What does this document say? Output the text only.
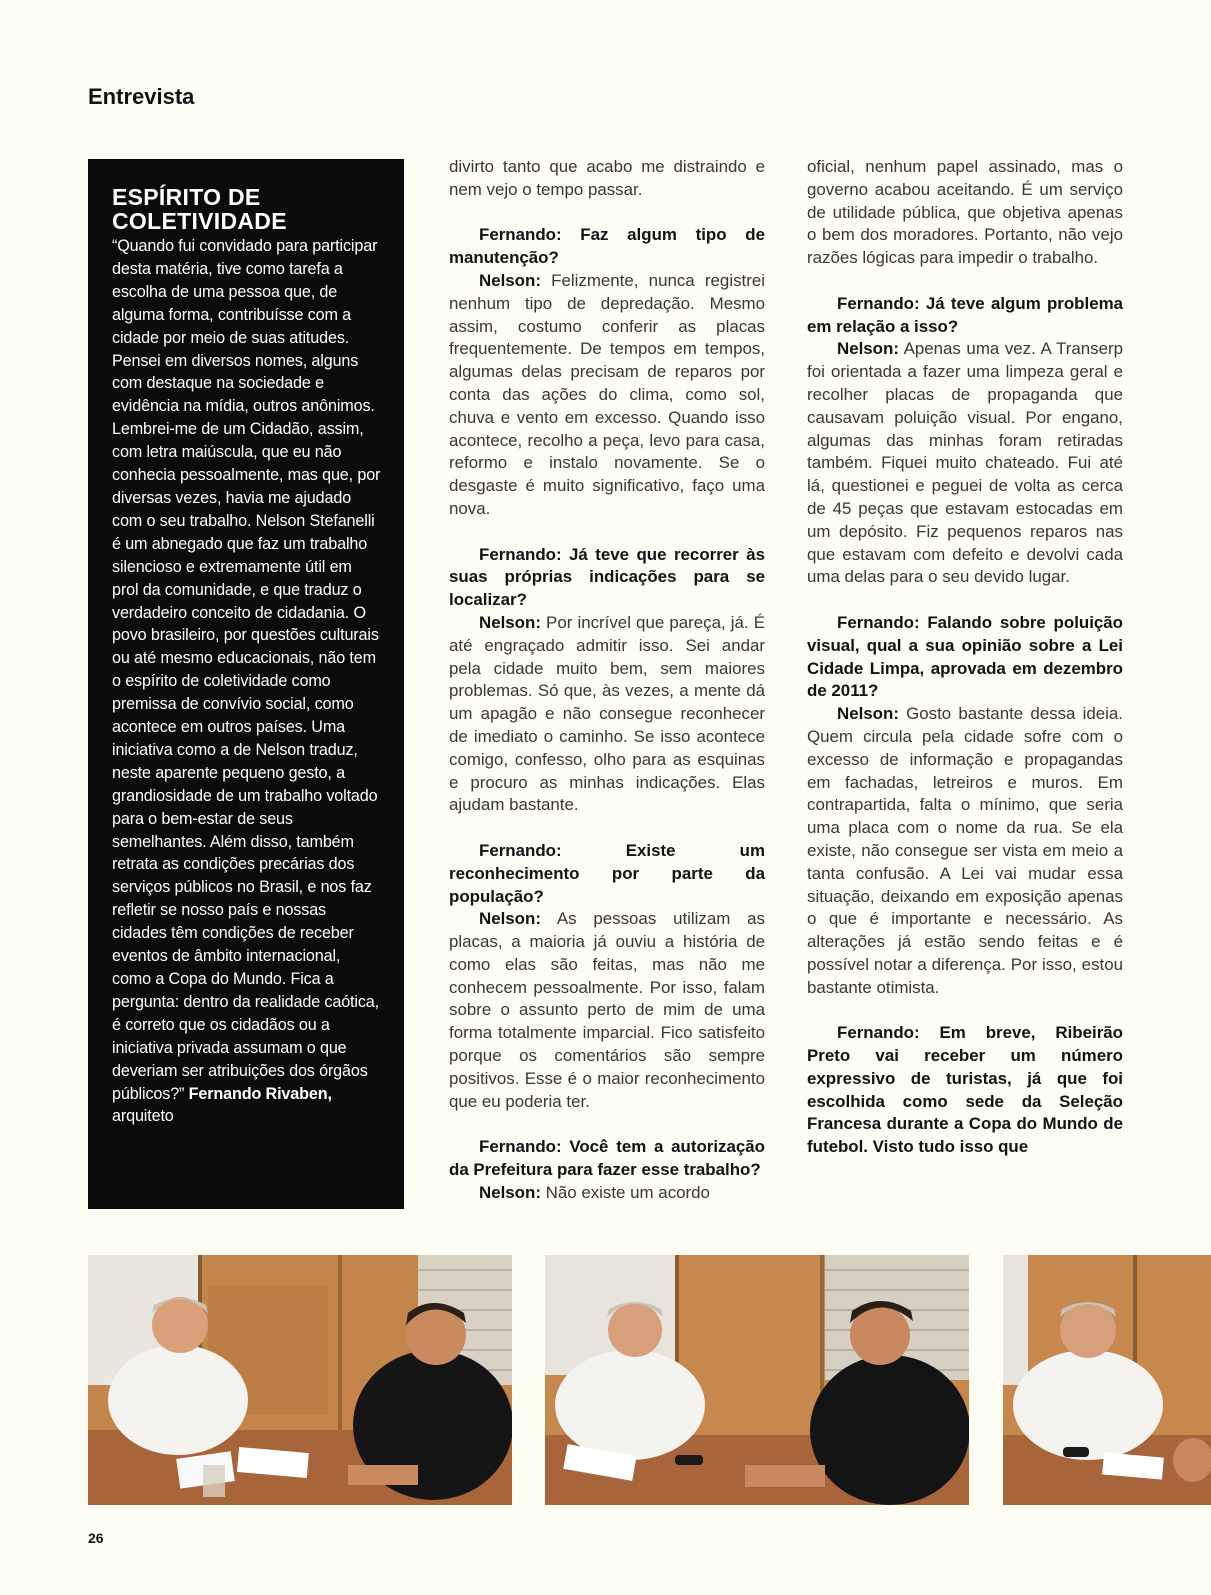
Entrevista
ESPÍRITO DE COLETIVIDADE

“Quando fui convidado para participar desta matéria, tive como tarefa a escolha de uma pessoa que, de alguma forma, contribuísse com a cidade por meio de suas atitudes. Pensei em diversos nomes, alguns com destaque na sociedade e evidência na mídia, outros anônimos. Lembrei-me de um Cidadão, assim, com letra maiúscula, que eu não conhecia pessoalmente, mas que, por diversas vezes, havia me ajudado com o seu trabalho. Nelson Stefanelli é um abnegado que faz um trabalho silencioso e extremamente útil em prol da comunidade, e que traduz o verdadeiro conceito de cidadania. O povo brasileiro, por questões culturais ou até mesmo educacionais, não tem o espírito de coletividade como premissa de convívio social, como acontece em outros países. Uma iniciativa como a de Nelson traduz, neste aparente pequeno gesto, a grandiosidade de um trabalho voltado para o bem-estar de seus semelhantes. Além disso, também retrata as condições precárias dos serviços públicos no Brasil, e nos faz refletir se nosso país e nossas cidades têm condições de receber eventos de âmbito internacional, como a Copa do Mundo. Fica a pergunta: dentro da realidade caótica, é correto que os cidadãos ou a iniciativa privada assumam o que deveriam ser atribuições dos órgãos públicos?” Fernando Rivaben, arquiteto

divirto tanto que acabo me distraindo e nem vejo o tempo passar.

Fernando: Faz algum tipo de manutenção?

Nelson: Felizmente, nunca registrei nenhum tipo de depredação. Mesmo assim, costumo conferir as placas frequentemente. De tempos em tempos, algumas delas precisam de reparos por conta das ações do clima, como sol, chuva e vento em excesso. Quando isso acontece, recolho a peça, levo para casa, reformo e instalo novamente. Se o desgaste é muito significativo, faço uma nova.

Fernando: Já teve que recorrer às suas próprias indicações para se localizar?

Nelson: Por incrível que pareça, já. É até engraçado admitir isso. Sei andar pela cidade muito bem, sem maiores problemas. Só que, às vezes, a mente dá um apagão e não consegue reconhecer de imediato o caminho. Se isso acontece comigo, confesso, olho para as esquinas e procuro as minhas indicações. Elas ajudam bastante.

Fernando: Existe um reconhecimento por parte da população?

Nelson: As pessoas utilizam as placas, a maioria já ouviu a história de como elas são feitas, mas não me conhecem pessoalmente. Por isso, falam sobre o assunto perto de mim de uma forma totalmente imparcial. Fico satisfeito porque os comentários são sempre positivos. Esse é o maior reconhecimento que eu poderia ter.

Fernando: Você tem a autorização da Prefeitura para fazer esse trabalho?

Nelson: Não existe um acordo

oficial, nenhum papel assinado, mas o governo acabou aceitando. É um serviço de utilidade pública, que objetiva apenas o bem dos moradores. Portanto, não vejo razões lógicas para impedir o trabalho.

Fernando: Já teve algum problema em relação a isso?

Nelson: Apenas uma vez. A Transerp foi orientada a fazer uma limpeza geral e recolher placas de propaganda que causavam poluição visual. Por engano, algumas das minhas foram retiradas também. Fiquei muito chateado. Fui até lá, questionei e peguei de volta as cerca de 45 peças que estavam estocadas em um depósito. Fiz pequenos reparos nas que estavam com defeito e devolvi cada uma delas para o seu devido lugar.

Fernando: Falando sobre poluição visual, qual a sua opinião sobre a Lei Cidade Limpa, aprovada em dezembro de 2011?

Nelson: Gosto bastante dessa ideia. Quem circula pela cidade sofre com o excesso de informação e propagandas em fachadas, letreiros e muros. Em contrapartida, falta o mínimo, que seria uma placa com o nome da rua. Se ela existe, não consegue ser vista em meio a tanta confusão. A Lei vai mudar essa situação, deixando em exposição apenas o que é importante e necessário. As alterações já estão sendo feitas e é possível notar a diferença. Por isso, estou bastante otimista.

Fernando: Em breve, Ribeirão Preto vai receber um número expressivo de turistas, já que foi escolhida como sede da Seleção Francesa durante a Copa do Mundo de futebol. Visto tudo isso que

26
